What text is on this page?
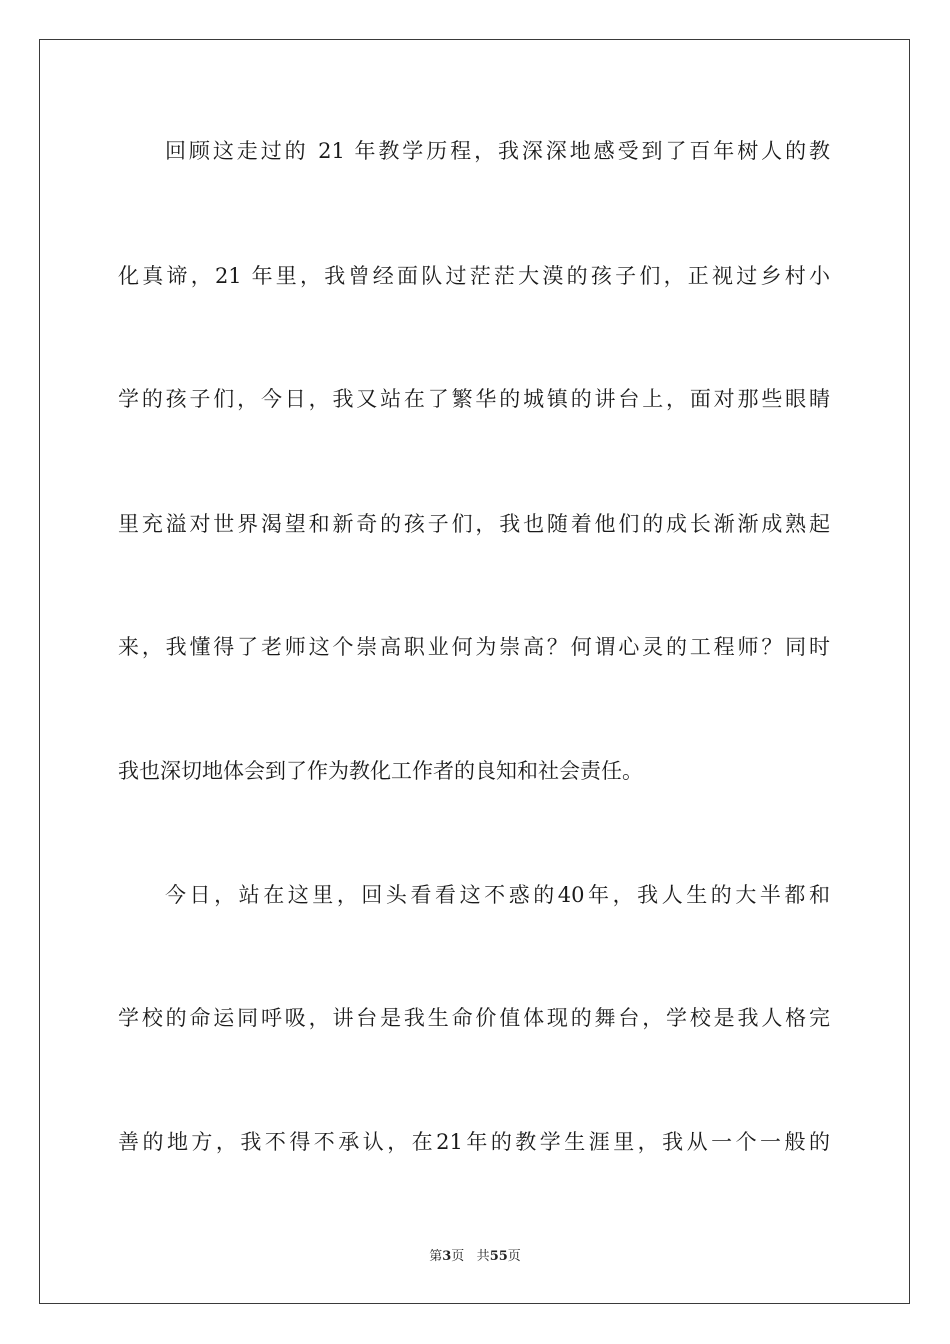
回顾这走过的 21 年教学历程，我深深地感受到了百年树人的教
化真谛，21 年里，我曾经面队过茫茫大漠的孩子们，正视过乡村小
学的孩子们，今日，我又站在了繁华的城镇的讲台上，面对那些眼睛
里充溢对世界渴望和新奇的孩子们，我也随着他们的成长渐渐成熟起
来，我懂得了老师这个崇高职业何为崇高？何谓心灵的工程师？同时
我也深切地体会到了作为教化工作者的良知和社会责任。
今日，站在这里，回头看看这不惑的40年，我人生的大半都和
学校的命运同呼吸，讲台是我生命价值体现的舞台，学校是我人格完
善的地方，我不得不承认，在21年的教学生涯里，我从一个一般的
第3页 共55页
